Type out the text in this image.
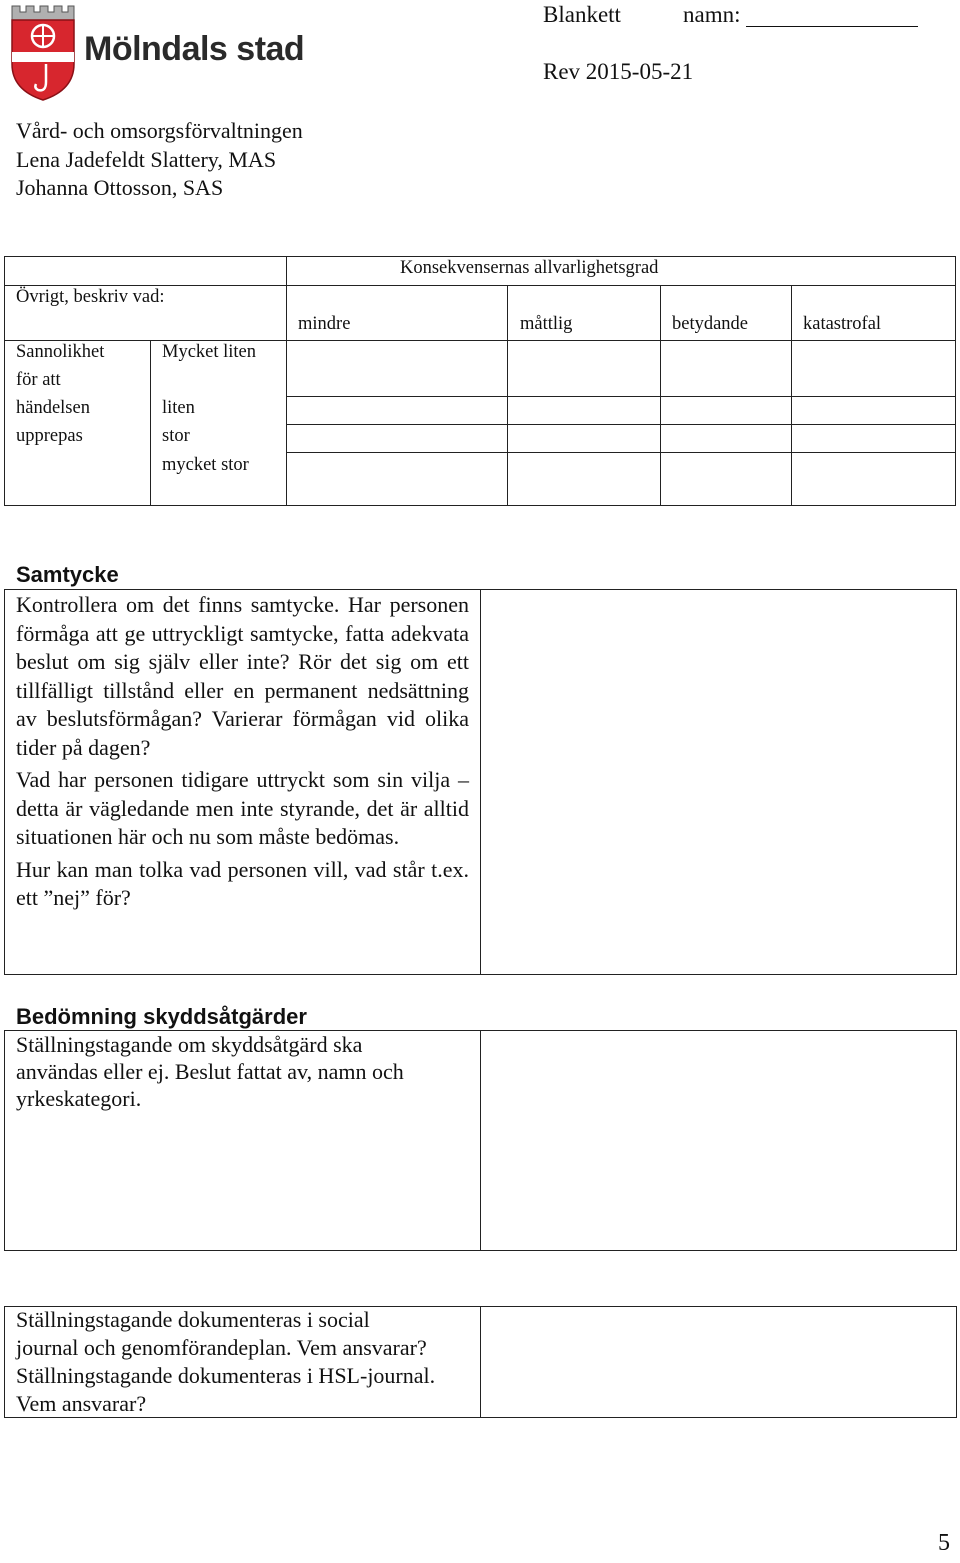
Mölndals stad
Blankett	namn:
Rev 2015-05-21
Vård- och omsorgsförvaltningen
Lena Jadefeldt Slattery, MAS
Johanna Ottosson, SAS
Konsekvensernas allvarlighetsgrad
Övrigt, beskriv vad:
mindre	måttlig	betydande	katastrofal
Sannolikhet
för att
händelsen
upprepas
Mycket liten
liten
stor
mycket stor
Samtycke

Kontrollera om det finns samtycke. Har personen förmåga att ge uttryckligt samtycke, fatta adekvata beslut om sig själv eller inte? Rör det sig om ett tillfälligt tillstånd eller en permanent nedsättning av beslutsförmågan? Varierar förmågan vid olika tider på dagen?

Vad har personen tidigare uttryckt som sin vilja – detta är vägledande men inte styrande, det är alltid situationen här och nu som måste bedömas.

Hur kan man tolka vad personen vill, vad står t.ex. ett ”nej” för?

Bedömning skyddsåtgärder
Ställningstagande om skyddsåtgärd ska
användas eller ej. Beslut fattat av, namn och
yrkeskategori.
Ställningstagande dokumenteras i social
journal och genomförandeplan. Vem ansvarar?
Ställningstagande dokumenteras i HSL-journal.
Vem ansvarar?
5
